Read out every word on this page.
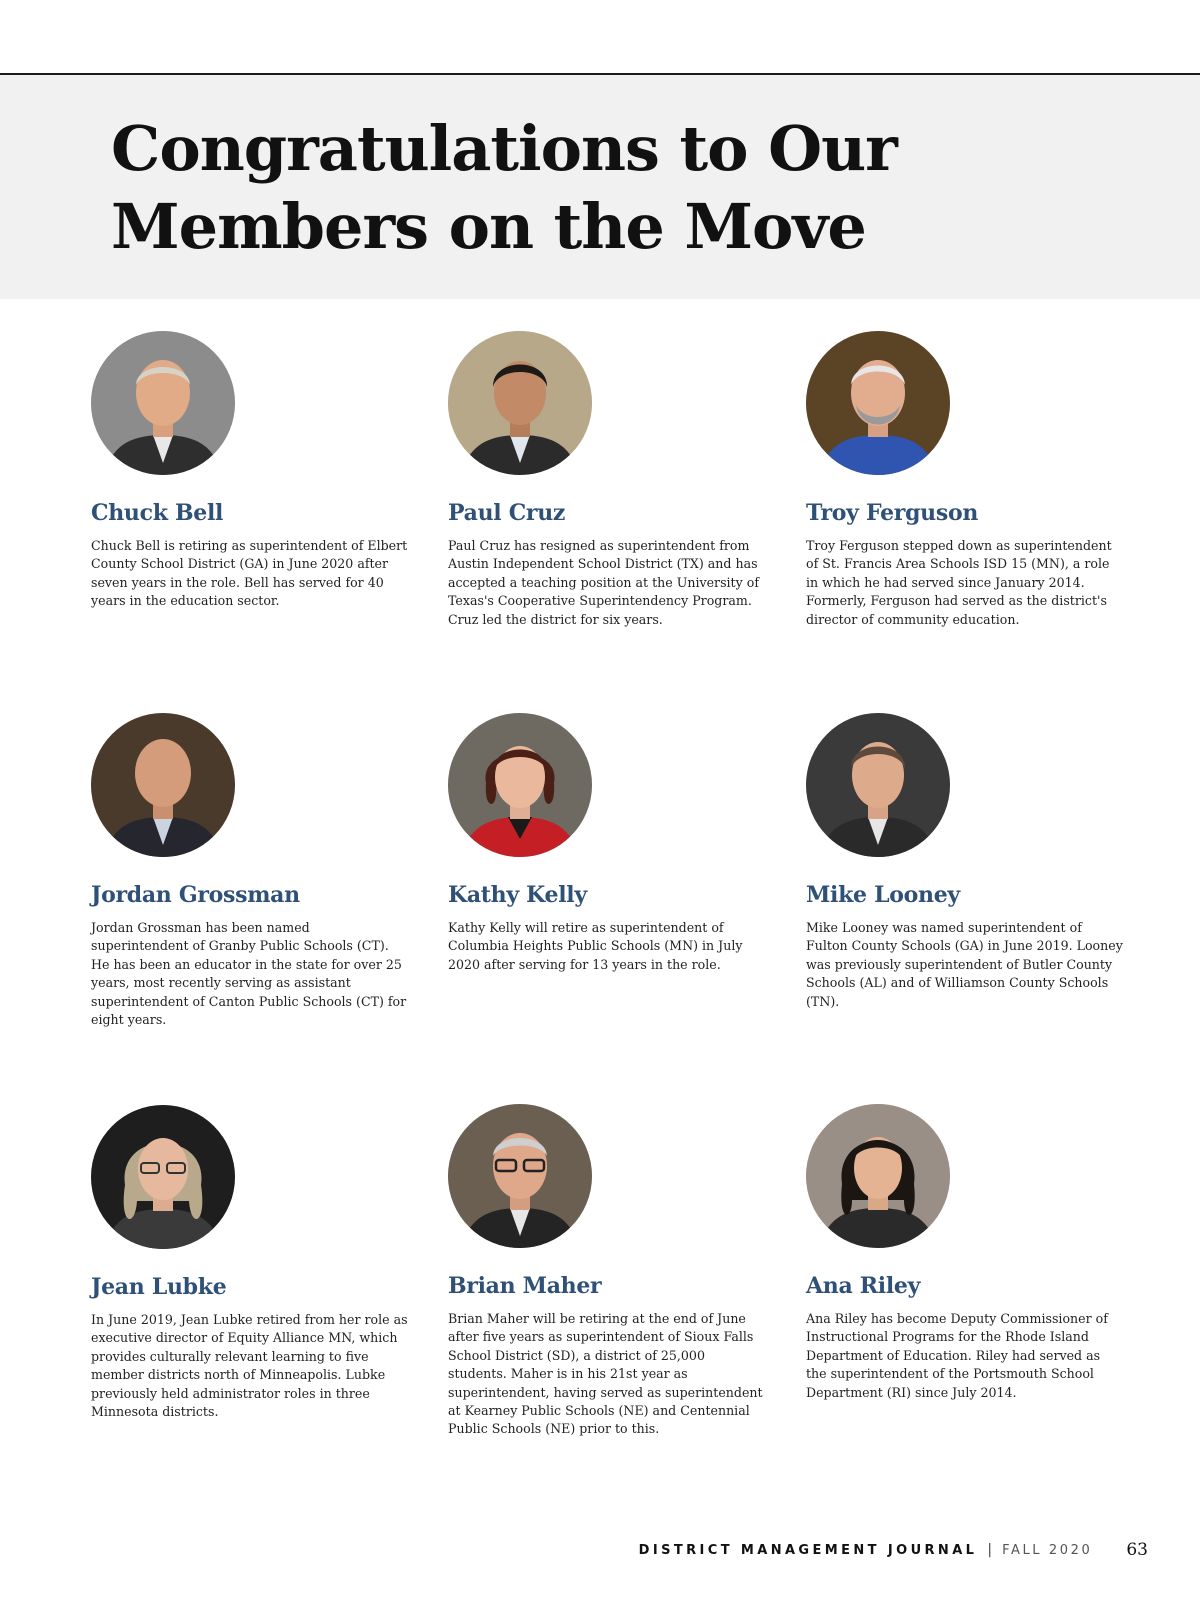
Congratulations to Our
Members on the Move
Chuck Bell

Chuck Bell is retiring as superintendent of Elbert County School District (GA) in June 2020 after seven years in the role. Bell has served for 40 years in the education sector.

Paul Cruz

Paul Cruz has resigned as superintendent from Austin Independent School District (TX) and has accepted a teaching position at the University of Texas's Cooperative Superintendency Program. Cruz led the district for six years.

Troy Ferguson

Troy Ferguson stepped down as superintendent of St. Francis Area Schools ISD 15 (MN), a role in which he had served since January 2014. Formerly, Ferguson had served as the district's director of community education.

Jordan Grossman

Jordan Grossman has been named superintendent of Granby Public Schools (CT). He has been an educator in the state for over 25 years, most recently serving as assistant superintendent of Canton Public Schools (CT) for eight years.

Kathy Kelly

Kathy Kelly will retire as superintendent of Columbia Heights Public Schools (MN) in July 2020 after serving for 13 years in the role.

Mike Looney

Mike Looney was named superintendent of Fulton County Schools (GA) in June 2019. Looney was previously superintendent of Butler County Schools (AL) and of Williamson County Schools (TN).

Jean Lubke

In June 2019, Jean Lubke retired from her role as executive director of Equity Alliance MN, which provides culturally relevant learning to five member districts north of Minneapolis. Lubke previously held administrator roles in three Minnesota districts.

Brian Maher

Brian Maher will be retiring at the end of June after five years as superintendent of Sioux Falls School District (SD), a district of 25,000 students. Maher is in his 21st year as superintendent, having served as superintendent at Kearney Public Schools (NE) and Centennial Public Schools (NE) prior to this.

Ana Riley

Ana Riley has become Deputy Commissioner of Instructional Programs for the Rhode Island Department of Education. Riley had served as the superintendent of the Portsmouth School Department (RI) since July 2014.

DISTRICT MANAGEMENT JOURNAL | FALL 2020 63
